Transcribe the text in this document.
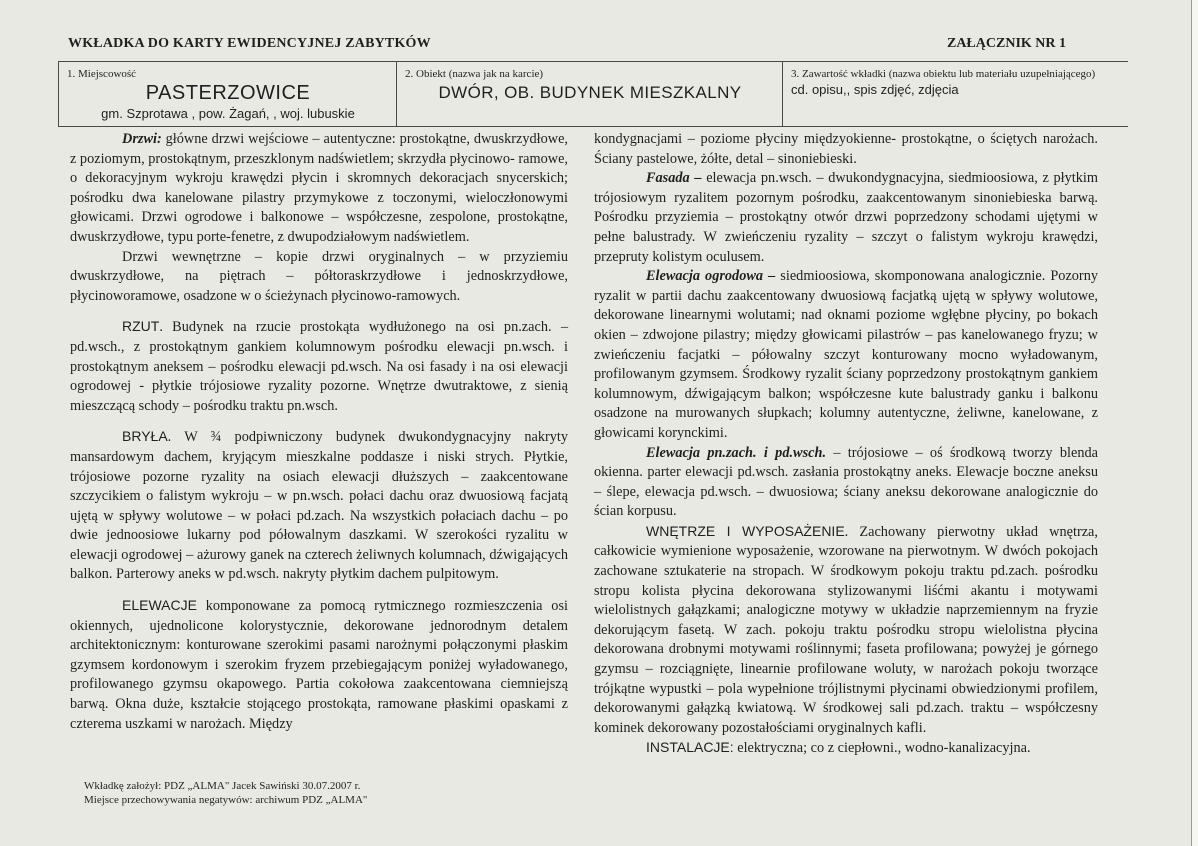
WKŁADKA DO KARTY EWIDENCYJNEJ ZABYTKÓW	ZAŁĄCZNIK NR 1
1. Miejscowość
PASTERZOWICE
gm. Szprotawa , pow. Żagań, , woj. lubuskie
2. Obiekt (nazwa jak na karcie)
DWÓR, OB. BUDYNEK MIESZKALNY
3. Zawartość wkładki (nazwa obiektu lub materiału uzupełniającego)
cd. opisu,, spis zdjęć, zdjęcia

Drzwi: główne drzwi wejściowe – autentyczne: prostokątne, dwuskrzydłowe, z poziomym, prostokątnym, przeszklonym nadświetlem; skrzydła płycinowo- ramowe, o dekoracyjnym wykroju krawędzi płycin i skromnych dekoracjach snycerskich; pośrodku dwa kanelowane pilastry przymykowe z toczonymi, wieloczłonowymi głowicami. Drzwi ogrodowe i balkonowe – współczesne, zespolone, prostokątne, dwuskrzydłowe, typu porte-fenetre, z dwupodziałowym nadświetlem.

Drzwi wewnętrzne – kopie drzwi oryginalnych – w przyziemiu dwuskrzydłowe, na piętrach – półtoraskrzydłowe i jednoskrzydłowe, płycinoworamowe, osadzone w o ścieżynach płycinowo-ramowych.

RZUT. Budynek na rzucie prostokąta wydłużonego na osi pn.zach. – pd.wsch., z prostokątnym gankiem kolumnowym pośrodku elewacji pn.wsch. i prostokątnym aneksem – pośrodku elewacji pd.wsch. Na osi fasady i na osi elewacji ogrodowej - płytkie trójosiowe ryzality pozorne. Wnętrze dwutraktowe, z sienią mieszczącą schody – pośrodku traktu pn.wsch.

BRYŁA. W ¾ podpiwniczony budynek dwukondygnacyjny nakryty mansardowym dachem, kryjącym mieszkalne poddasze i niski strych. Płytkie, trójosiowe pozorne ryzality na osiach elewacji dłuższych – zaakcentowane szczycikiem o falistym wykroju – w pn.wsch. połaci dachu oraz dwuosiową facjatą ujętą w spływy wolutowe – w połaci pd.zach. Na wszystkich połaciach dachu – po dwie jednoosiowe lukarny pod półowalnym daszkami. W szerokości ryzalitu w elewacji ogrodowej – ażurowy ganek na czterech żeliwnych kolumnach, dźwigających balkon. Parterowy aneks w pd.wsch. nakryty płytkim dachem pulpitowym.

ELEWACJE komponowane za pomocą rytmicznego rozmieszczenia osi okiennych, ujednolicone kolorystycznie, dekorowane jednorodnym detalem architektonicznym: konturowane szerokimi pasami narożnymi połączonymi płaskim gzymsem kordonowym i szerokim fryzem przebiegającym poniżej wyładowanego, profilowanego gzymsu okapowego. Partia cokołowa zaakcentowana ciemniejszą barwą. Okna duże, kształcie stojącego prostokąta, ramowane płaskimi opaskami z czterema uszkami w narożach. Między

kondygnacjami – poziome płyciny międzyokienne- prostokątne, o ściętych narożach. Ściany pastelowe, żółte, detal – sinoniebieski.

Fasada – elewacja pn.wsch. – dwukondygnacyjna, siedmioosiowa, z płytkim trójosiowym ryzalitem pozornym pośrodku, zaakcentowanym sinoniebieska barwą. Pośrodku przyziemia – prostokątny otwór drzwi poprzedzony schodami ujętymi w pełne balustrady. W zwieńczeniu ryzality – szczyt o falistym wykroju krawędzi, przepruty kolistym oculusem.

Elewacja ogrodowa – siedmioosiowa, skomponowana analogicznie. Pozorny ryzalit w partii dachu zaakcentowany dwuosiową facjatką ujętą w spływy wolutowe, dekorowane linearnymi wolutami; nad oknami poziome wgłębne płyciny, po bokach okien – zdwojone pilastry; między głowicami pilastrów – pas kanelowanego fryzu; w zwieńczeniu facjatki – półowalny szczyt konturowany mocno wyładowanym, profilowanym gzymsem. Środkowy ryzalit ściany poprzedzony prostokątnym gankiem kolumnowym, dźwigającym balkon; współczesne kute balustrady ganku i balkonu osadzone na murowanych słupkach; kolumny autentyczne, żeliwne, kanelowane, z głowicami korynckimi.

Elewacja pn.zach. i pd.wsch. – trójosiowe – oś środkową tworzy blenda okienna. parter elewacji pd.wsch. zasłania prostokątny aneks. Elewacje boczne aneksu – ślepe, elewacja pd.wsch. – dwuosiowa; ściany aneksu dekorowane analogicznie do ścian korpusu.

WNĘTRZE I WYPOSAŻENIE. Zachowany pierwotny układ wnętrza, całkowicie wymienione wyposażenie, wzorowane na pierwotnym. W dwóch pokojach zachowane sztukaterie na stropach. W środkowym pokoju traktu pd.zach. pośrodku stropu kolista płycina dekorowana stylizowanymi liśćmi akantu i motywami wielolistnych gałązkami; analogiczne motywy w układzie naprzemiennym na fryzie dekorującym fasetą. W zach. pokoju traktu pośrodku stropu wielolistna płycina dekorowana drobnymi motywami roślinnymi; faseta profilowana; powyżej je górnego gzymsu – rozciągnięte, linearnie profilowane woluty, w narożach pokoju tworzące trójkątne wypustki – pola wypełnione trójlistnymi płycinami obwiedzionymi profilem, dekorowanymi gałązką kwiatową. W środkowej sali pd.zach. traktu – współczesny kominek dekorowany pozostałościami oryginalnych kafli.

INSTALACJE: elektryczna; co z ciepłowni., wodno-kanalizacyjna.

Wkładkę założył: PDZ „ALMA" Jacek Sawiński 30.07.2007 r.
Miejsce przechowywania negatywów: archiwum PDZ „ALMA"
